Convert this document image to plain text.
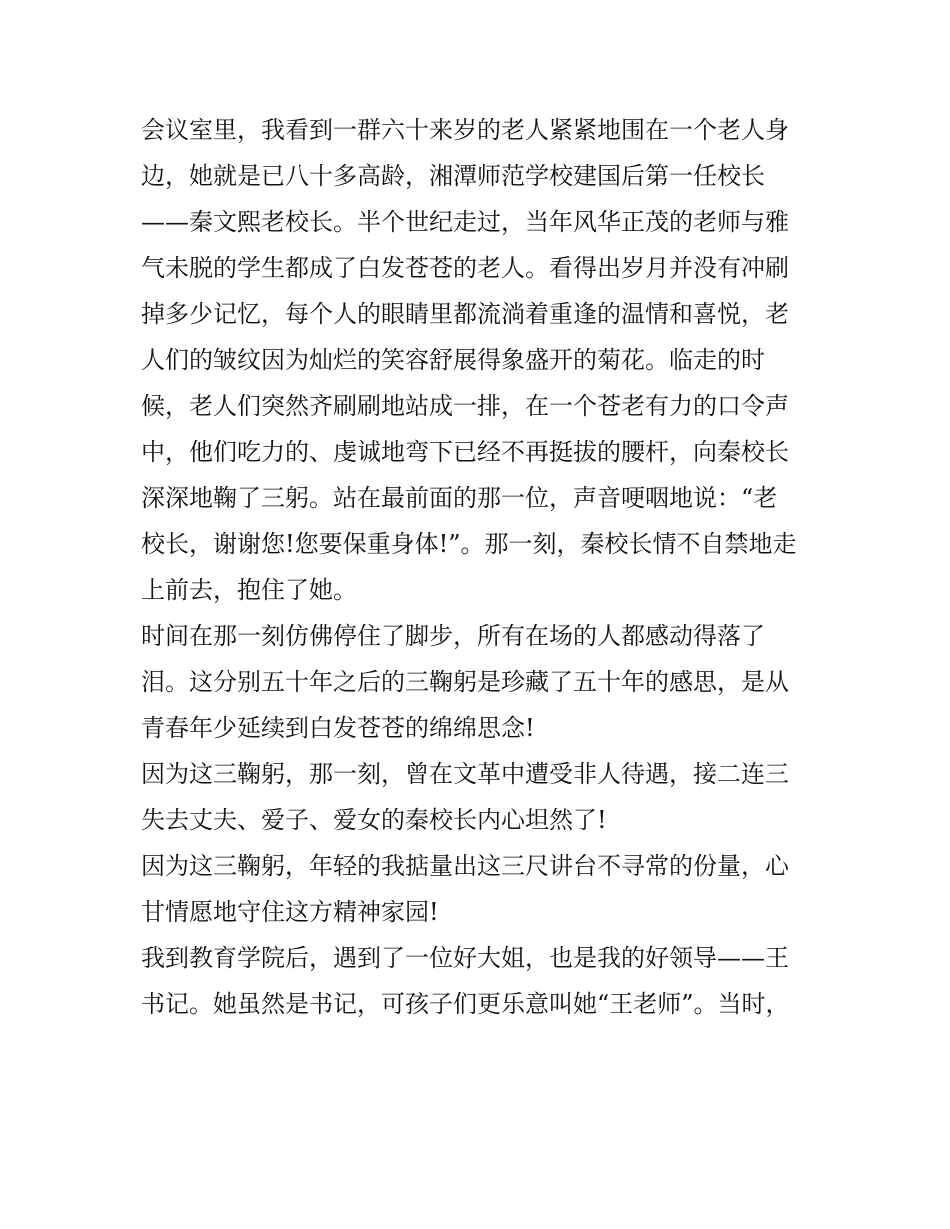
会议室里，我看到一群六十来岁的老人紧紧地围在一个老人身
边，她就是已八十多高龄，湘潭师范学校建国后第一任校长
——秦文熙老校长。半个世纪走过，当年风华正茂的老师与雅
气未脱的学生都成了白发苍苍的老人。看得出岁月并没有冲刷
掉多少记忆，每个人的眼睛里都流淌着重逢的温情和喜悦，老
人们的皱纹因为灿烂的笑容舒展得象盛开的菊花。临走的时
候，老人们突然齐刷刷地站成一排，在一个苍老有力的口令声
中，他们吃力的、虔诚地弯下已经不再挺拔的腰杆，向秦校长
深深地鞠了三躬。站在最前面的那一位，声音哽咽地说：“老
校长，谢谢您!您要保重身体!”。那一刻，秦校长情不自禁地走
上前去，抱住了她。

时间在那一刻仿佛停住了脚步，所有在场的人都感动得落了
泪。这分别五十年之后的三鞠躬是珍藏了五十年的感思，是从
青春年少延续到白发苍苍的绵绵思念!

因为这三鞠躬，那一刻，曾在文革中遭受非人待遇，接二连三
失去丈夫、爱子、爱女的秦校长内心坦然了!

因为这三鞠躬，年轻的我掂量出这三尺讲台不寻常的份量，心
甘情愿地守住这方精神家园!

我到教育学院后，遇到了一位好大姐，也是我的好领导——王
书记。她虽然是书记，可孩子们更乐意叫她“王老师”。当时，
